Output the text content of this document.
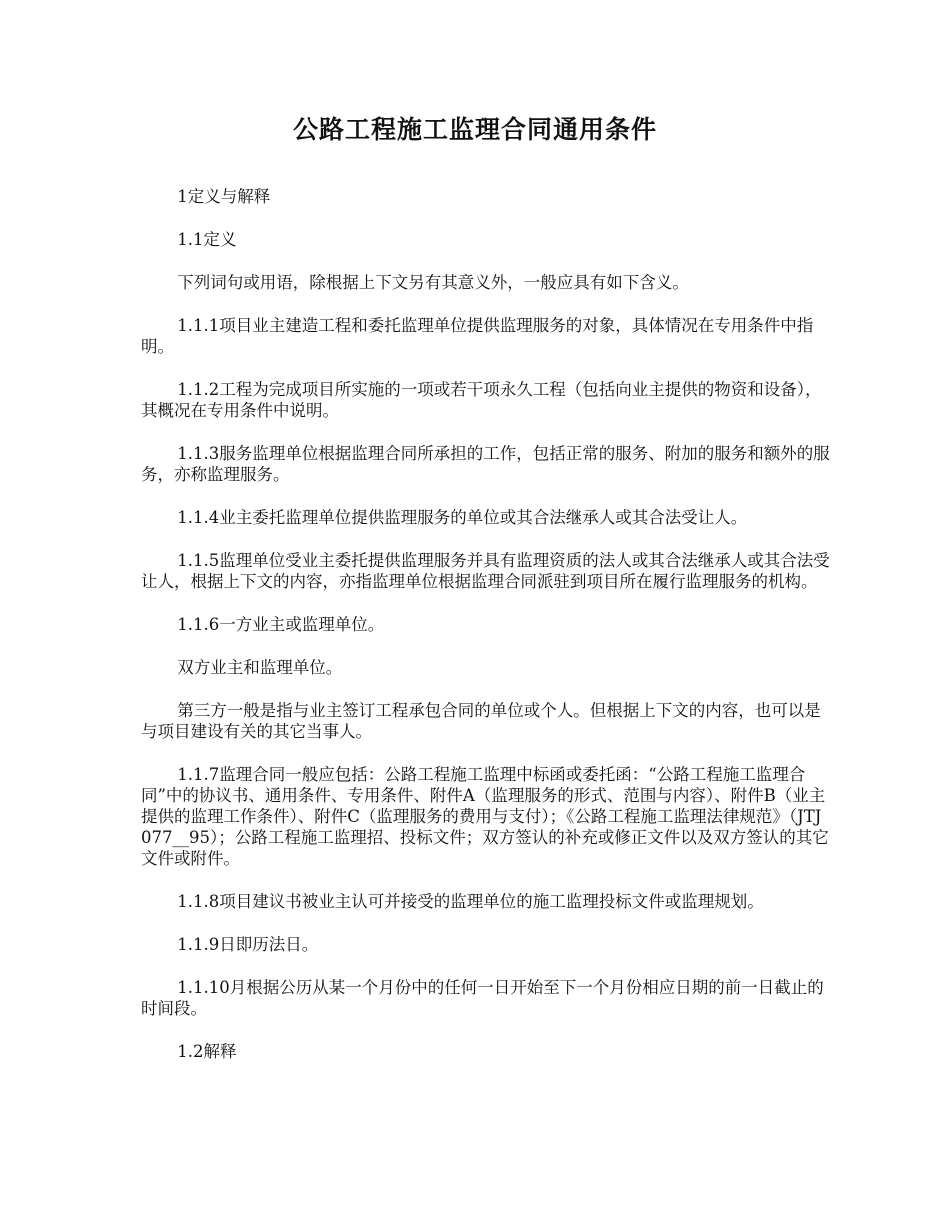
公路工程施工监理合同通用条件

1定义与解释

1.1定义

下列词句或用语，除根据上下文另有其意义外，一般应具有如下含义。

1.1.1项目业主建造工程和委托监理单位提供监理服务的对象，具体情况在专用条件中指明。

1.1.2工程为完成项目所实施的一项或若干项永久工程（包括向业主提供的物资和设备），其概况在专用条件中说明。

1.1.3服务监理单位根据监理合同所承担的工作，包括正常的服务、附加的服务和额外的服务，亦称监理服务。

1.1.4业主委托监理单位提供监理服务的单位或其合法继承人或其合法受让人。

1.1.5监理单位受业主委托提供监理服务并具有监理资质的法人或其合法继承人或其合法受让人，根据上下文的内容，亦指监理单位根据监理合同派驻到项目所在履行监理服务的机构。

1.1.6一方业主或监理单位。

双方业主和监理单位。

第三方一般是指与业主签订工程承包合同的单位或个人。但根据上下文的内容，也可以是与项目建设有关的其它当事人。

1.1.7监理合同一般应包括：公路工程施工监理中标函或委托函：“公路工程施工监理合同”中的协议书、通用条件、专用条件、附件A（监理服务的形式、范围与内容）、附件B（业主提供的监理工作条件）、附件C（监理服务的费用与支付）；《公路工程施工监理法律规范》（JTJ077__95）；公路工程施工监理招、投标文件；双方签认的补充或修正文件以及双方签认的其它文件或附件。

1.1.8项目建议书被业主认可并接受的监理单位的施工监理投标文件或监理规划。

1.1.9日即历法日。

1.1.10月根据公历从某一个月份中的任何一日开始至下一个月份相应日期的前一日截止的时间段。

1.2解释
